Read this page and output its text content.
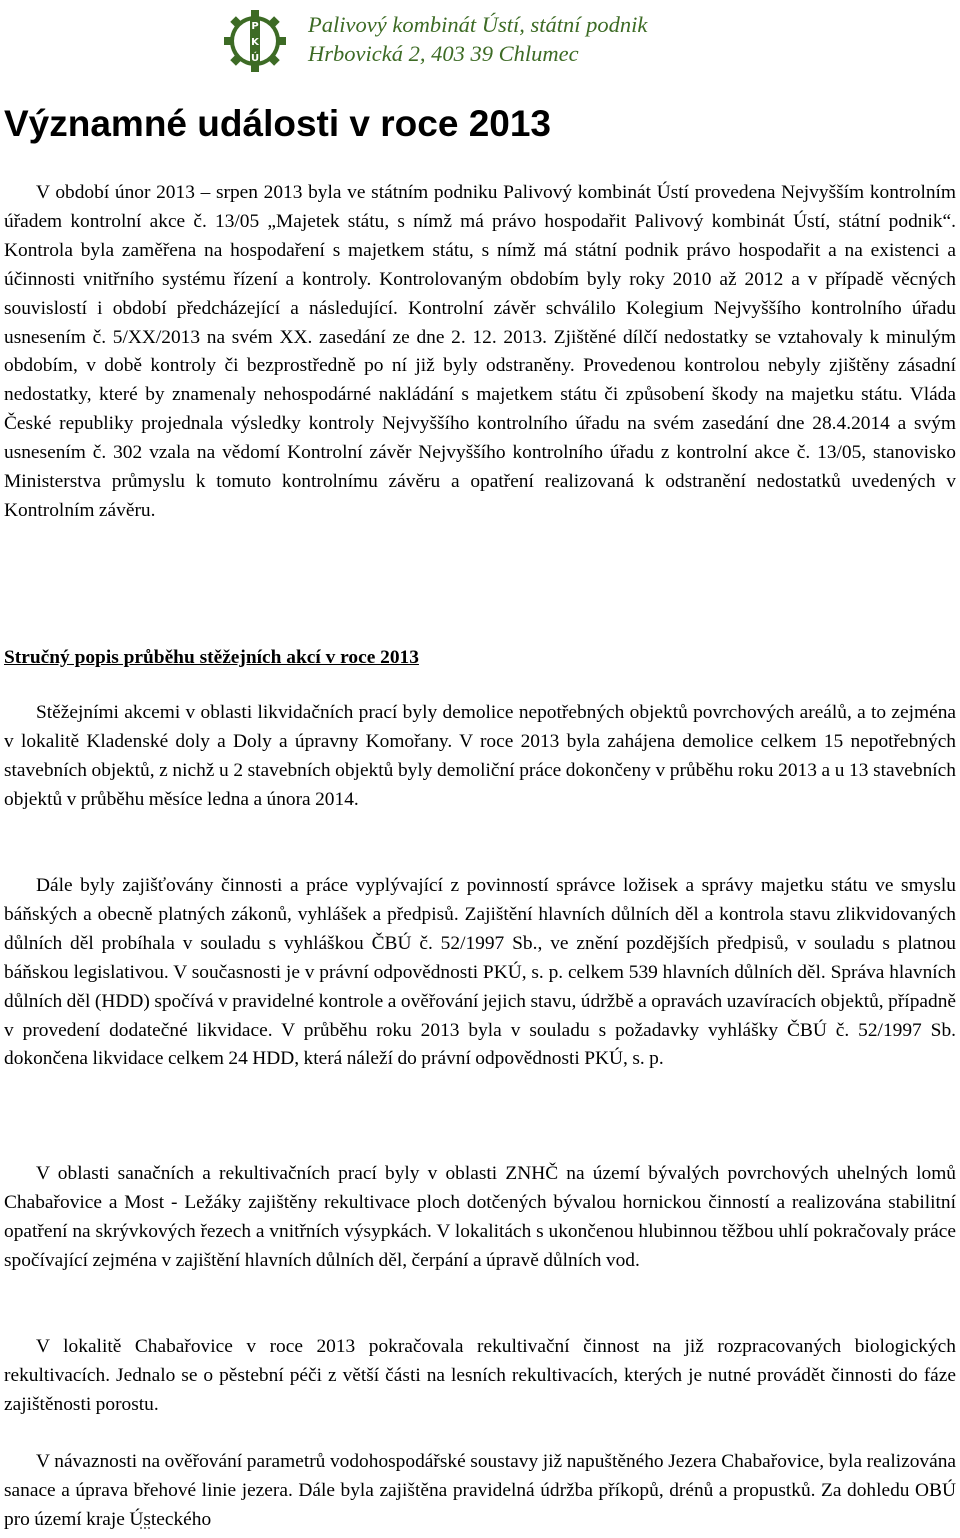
P
K
Ú
Palivový kombinát Ústí, státní podnik
Hrbovická 2, 403 39 Chlumec
Významné události v roce 2013

V období únor 2013 – srpen 2013 byla ve státním podniku Palivový kombinát Ústí provedena Nejvyšším kontrolním úřadem kontrolní akce č. 13/05 „Majetek státu, s nímž má právo hospodařit Palivový kombinát Ústí, státní podnik“. Kontrola byla zaměřena na hospodaření s majetkem státu, s nímž má státní podnik právo hospodařit a na existenci a účinnosti vnitřního systému řízení a kontroly. Kontrolovaným obdobím byly roky 2010 až 2012 a v případě věcných souvislostí i období předcházející a následující. Kontrolní závěr schválilo Kolegium Nejvyššího kontrolního úřadu usnesením č. 5/XX/2013 na svém XX. zasedání ze dne 2. 12. 2013. Zjištěné dílčí nedostatky se vztahovaly k minulým obdobím, v době kontroly či bezprostředně po ní již byly odstraněny. Provedenou kontrolou nebyly zjištěny zásadní nedostatky, které by znamenaly nehospodárné nakládání s majetkem státu či způsobení škody na majetku státu. Vláda České republiky projednala výsledky kontroly Nejvyššího kontrolního úřadu na svém zasedání dne 28.4.2014 a svým usnesením č. 302 vzala na vědomí Kontrolní závěr Nejvyššího kontrolního úřadu z kontrolní akce č. 13/05, stanovisko Ministerstva průmyslu k tomuto kontrolnímu závěru a opatření realizovaná k odstranění nedostatků uvedených v Kontrolním závěru.

Stručný popis průběhu stěžejních akcí v roce 2013

Stěžejními akcemi v oblasti likvidačních prací byly demolice nepotřebných objektů povrchových areálů, a to zejména v lokalitě Kladenské doly a Doly a úpravny Komořany. V roce 2013 byla zahájena demolice celkem 15 nepotřebných stavebních objektů, z nichž u 2 stavebních objektů byly demoliční práce dokončeny v průběhu roku 2013 a u 13 stavebních objektů v průběhu měsíce ledna a února 2014.

Dále byly zajišťovány činnosti a práce vyplývající z povinností správce ložisek a správy majetku státu ve smyslu báňských a obecně platných zákonů, vyhlášek a předpisů. Zajištění hlavních důlních děl a kontrola stavu zlikvidovaných důlních děl probíhala v souladu s vyhláškou ČBÚ č. 52/1997 Sb., ve znění pozdějších předpisů, v souladu s platnou báňskou legislativou. V současnosti je v právní odpovědnosti PKÚ, s. p. celkem 539 hlavních důlních děl. Správa hlavních důlních děl (HDD) spočívá v pravidelné kontrole a ověřování jejich stavu, údržbě a opravách uzavíracích objektů, případně v provedení dodatečné likvidace. V průběhu roku 2013 byla v souladu s požadavky vyhlášky ČBÚ č. 52/1997 Sb. dokončena likvidace celkem 24 HDD, která náleží do právní odpovědnosti PKÚ, s. p.

V oblasti sanačních a rekultivačních prací byly v oblasti ZNHČ na území bývalých povrchových uhelných lomů Chabařovice a Most - Ležáky zajištěny rekultivace ploch dotčených bývalou hornickou činností a realizována stabilitní opatření na skrývkových řezech a vnitřních výsypkách. V lokalitách s ukončenou hlubinnou těžbou uhlí pokračovaly práce spočívající zejména v zajištění hlavních důlních děl, čerpání a úpravě důlních vod.

V lokalitě Chabařovice v roce 2013 pokračovala rekultivační činnost na již rozpracovaných biologických rekultivacích. Jednalo se o pěstební péči z větší části na lesních rekultivacích, kterých je nutné provádět činnosti do fáze zajištěnosti porostu.

V návaznosti na ověřování parametrů vodohospodářské soustavy již napuštěného Jezera Chabařovice, byla realizována sanace a úprava břehové linie jezera. Dále byla zajištěna pravidelná údržba příkopů, drénů a propustků. Za dohledu OBÚ pro území kraje Ústeckého
